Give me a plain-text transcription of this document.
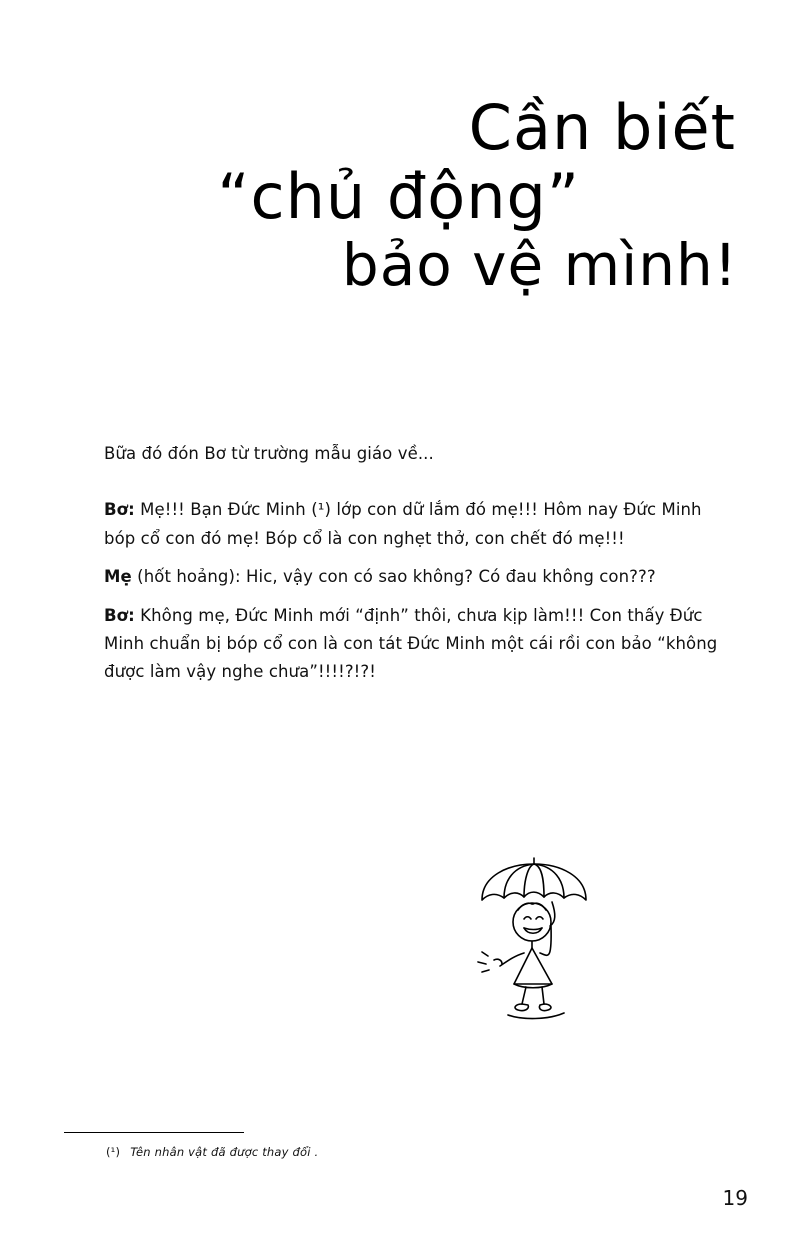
Cần biết
“chủ động”
bảo vệ mình!

Bữa đó đón Bơ từ trường mẫu giáo về...

Bơ: Mẹ!!! Bạn Đức Minh (¹) lớp con dữ lắm đó mẹ!!! Hôm nay Đức Minh bóp cổ con đó mẹ! Bóp cổ là con nghẹt thở, con chết đó mẹ!!!

Mẹ (hốt hoảng): Hic, vậy con có sao không? Có đau không con???

Bơ: Không mẹ, Đức Minh mới “định” thôi, chưa kịp làm!!! Con thấy Đức Minh chuẩn bị bóp cổ con là con tát Đức Minh một cái rồi con bảo “không được làm vậy nghe chưa”!!!!?!?!

(¹) Tên nhân vật đã được thay đổi .
19
